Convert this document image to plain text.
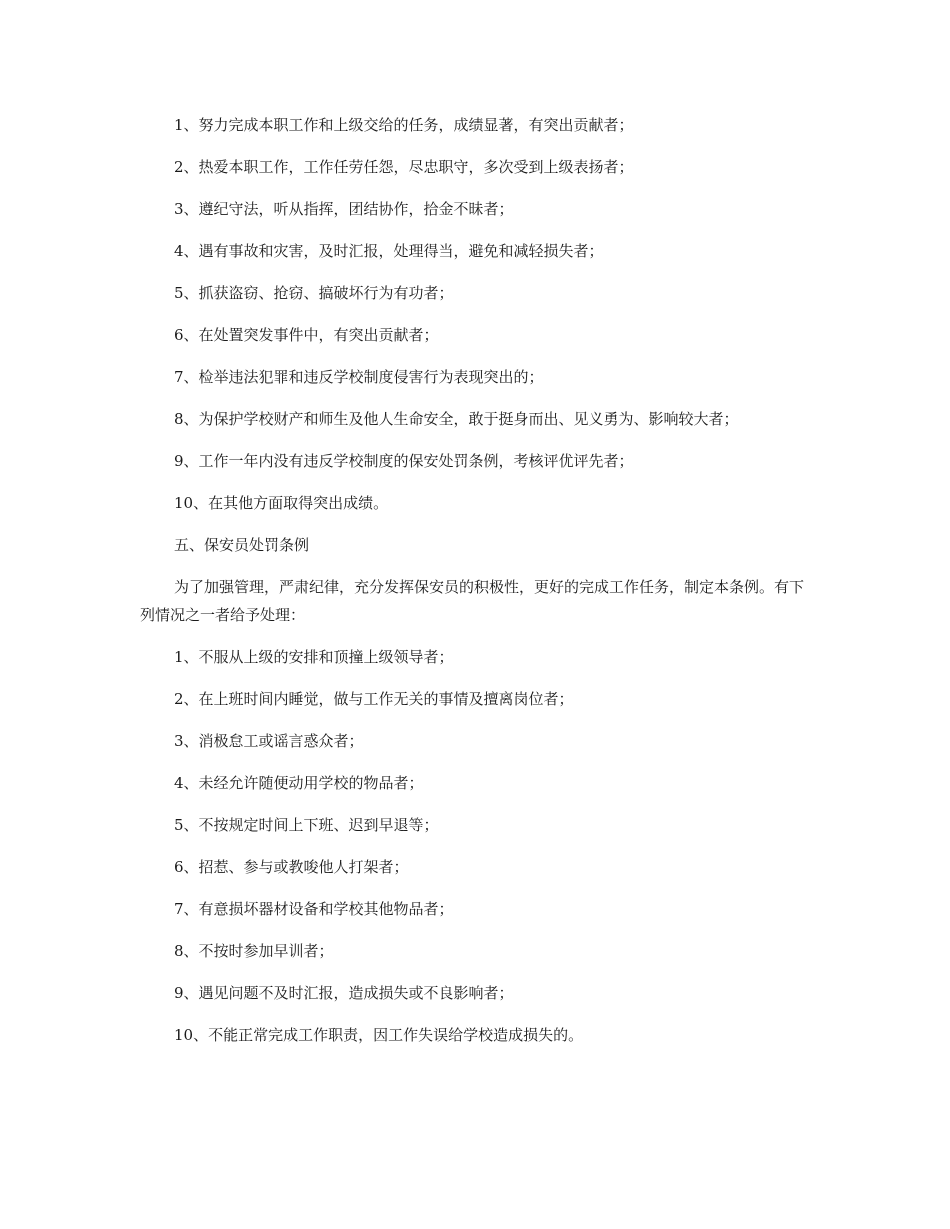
1、努力完成本职工作和上级交给的任务，成绩显著，有突出贡献者；

2、热爱本职工作，工作任劳任怨，尽忠职守，多次受到上级表扬者；

3、遵纪守法，听从指挥，团结协作，拾金不昧者；

4、遇有事故和灾害，及时汇报，处理得当，避免和减轻损失者；

5、抓获盗窃、抢窃、搞破坏行为有功者；

6、在处置突发事件中，有突出贡献者；

7、检举违法犯罪和违反学校制度侵害行为表现突出的；

8、为保护学校财产和师生及他人生命安全，敢于挺身而出、见义勇为、影响较大者；

9、工作一年内没有违反学校制度的保安处罚条例，考核评优评先者；

10、在其他方面取得突出成绩。

五、保安员处罚条例

为了加强管理，严肃纪律，充分发挥保安员的积极性，更好的完成工作任务，制定本条例。有下列情况之一者给予处理：

1、不服从上级的安排和顶撞上级领导者；

2、在上班时间内睡觉，做与工作无关的事情及擅离岗位者；

3、消极怠工或谣言惑众者；

4、未经允许随便动用学校的物品者；

5、不按规定时间上下班、迟到早退等；

6、招惹、参与或教唆他人打架者；

7、有意损坏器材设备和学校其他物品者；

8、不按时参加早训者；

9、遇见问题不及时汇报，造成损失或不良影响者；

10、不能正常完成工作职责，因工作失误给学校造成损失的。
